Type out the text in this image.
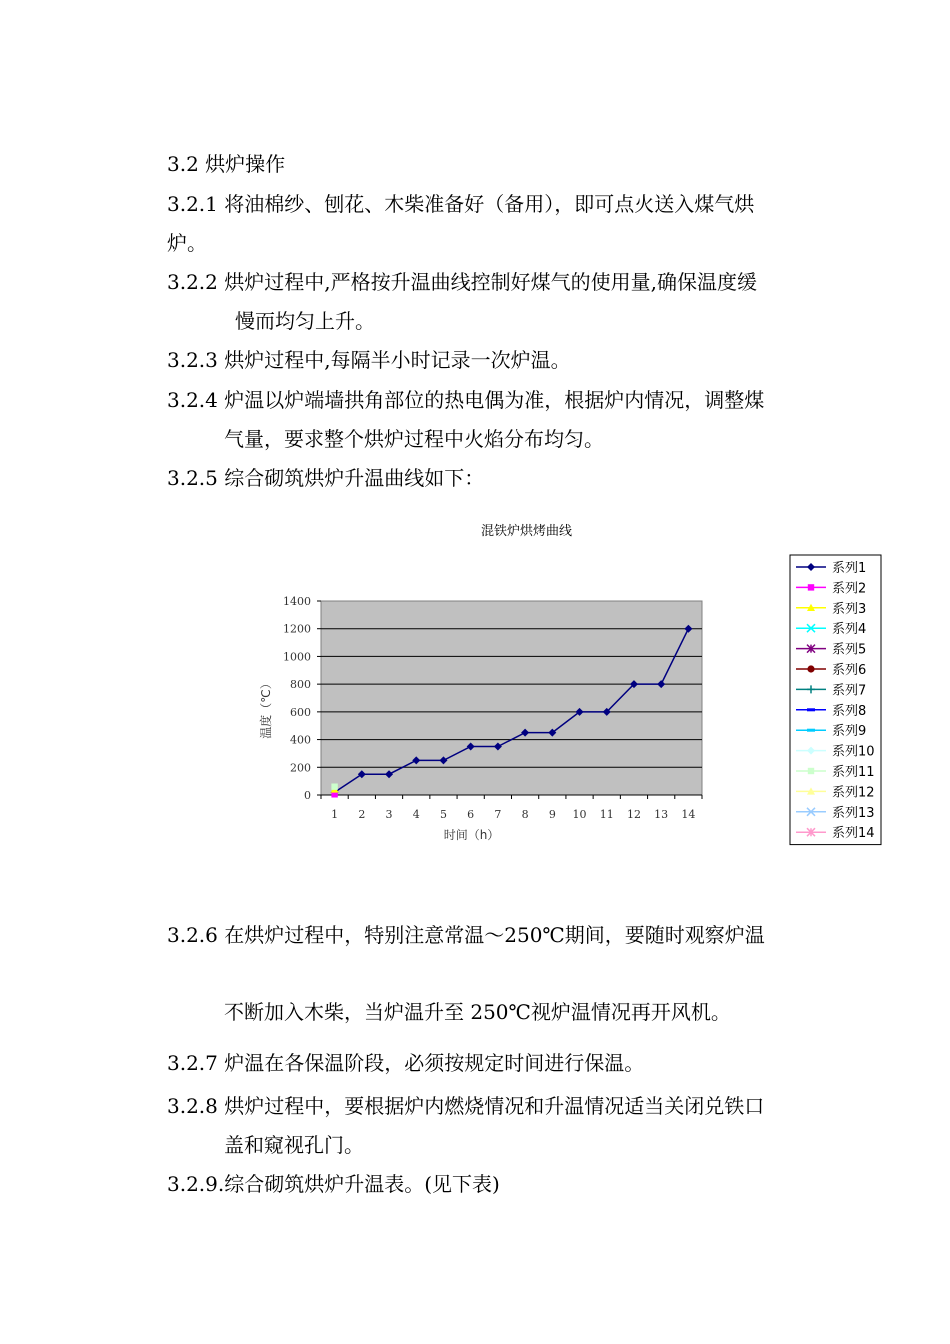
3.2 烘炉操作
3.2.1 将油棉纱、刨花、木柴准备好（备用），即可点火送入煤气烘
炉。
3.2.2 烘炉过程中,严格按升温曲线控制好煤气的使用量,确保温度缓
慢而均匀上升。
3.2.3 烘炉过程中,每隔半小时记录一次炉温。
3.2.4 炉温以炉端墙拱角部位的热电偶为准，根据炉内情况，调整煤
气量，要求整个烘炉过程中火焰分布均匀。
3.2.5 综合砌筑烘炉升温曲线如下：
混铁炉烘烤曲线
0
200
400
600
800
1000
1200
1400
1 2 3 4 5 6 7 8 9 10 11 12 13 14
时间（h）
温度（℃）
系列1
系列2
系列3
系列4
系列5
系列6
系列7
系列8
系列9
系列10
系列11
系列12
系列13
系列14
3.2.6 在烘炉过程中，特别注意常温～250℃期间，要随时观察炉温
不断加入木柴，当炉温升至 250℃视炉温情况再开风机。
3.2.7 炉温在各保温阶段，必须按规定时间进行保温。
3.2.8 烘炉过程中，要根据炉内燃烧情况和升温情况适当关闭兑铁口
盖和窥视孔门。
3.2.9.综合砌筑烘炉升温表。(见下表)
